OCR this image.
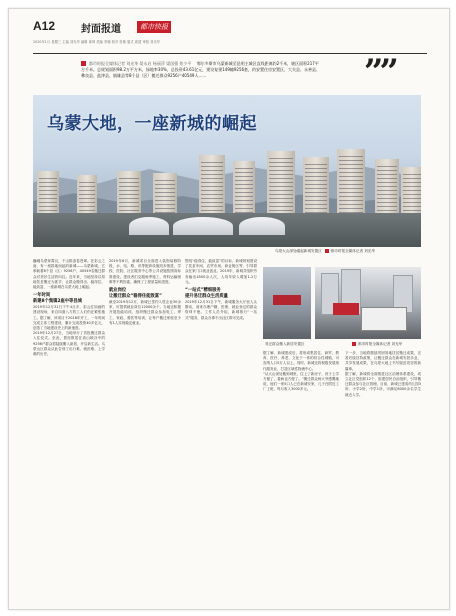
A12	封面报道	都市快报
2020年1月 星期三 主编 刘光华 编辑 姜琦 美编 李娜 校对 张敏 版式 周建 审校 刘光华
都市时报全媒体记者 刘光华 晏永启 杨丽萍 梁国强 焦少平 鄂尔多斯市乌蒙新城至昆明主城区直线距离约2千米，辖区面积217平方千米。总规划面积98.2万平方米，绿地率30%，总投资43.61亿元，建设复建149幢9256套，约安置住房安置区，大关县、永善县、彝良县、盐津县、镇雄县等8个县（区）搬迁群众9256户40549人……	””
乌蒙大地，一座新城的崛起
乌蒙大山深处崛起新城安置区	都市时报全媒体记者 刘光华
巍峨乌蒙耸霄汉，千山排浪卷苍翠。在彩云之南，有一座拔地而起的新城——乌蒙新城，它承载着8个县（区）9256户、40549名搬迁群众对美好生活的向往。近年来，当地坚持以易地扶贫搬迁为抓手，让群众搬得出、稳得住、能致富，一座新城在乌蒙大地上崛起。
一年时间
新建8个集镇2座中等县城
2019年12月31日下午4点多，彩云红如画的建设现场，来自四面八方的工人们仍在紧张施工。据了解，该项目于2018年开工，一年时间完成主体工程建设，累计完成投资40多亿元，创造了当地建设史上的新速度。
2019年12月27日，当地举行了首批搬迁群众入住仪式。至此，曾经散居在高山峡谷中的9256户群众将陆续搬入新居，开启新生活。乌蒙山区群众从此告别了出行难、就医难、上学难的历史。
2019年6月，新城项目全面进入装饰装修阶段，水、电、路、讯等配套设施同步推进，学校、医院、社区服务中心等公共设施按照高标准建设。建设者们克服雨季施工、材料运输困难等不利因素，确保了工程质量和进度。
就业岗位
让搬迁群众“稳得住能致富”
截至2019年12月，新城已签约入驻企业30余家，可提供就业岗位12000余个。当地还积极开展技能培训，组织搬迁群众参加电工、焊工、家政、餐饮等培训，让每户搬迁家庭至少有1人实现稳定就业。
围绕“稳得住、能致富”的目标，新城规划建设了扶贫车间、农贸市场、商业街区等，引导群众在家门口就业创业。2019年，新城共组织劳务输出4500余人次，人均年收入增加1.2万元。
“一站式”精细服务
提升易迁群众生活质量
2019年12月31日下午，新城服务大厅里人头攒动，前来办理户籍、医保、就业登记的群众络绎不绝。工作人员介绍，新城推行“一站式”服务，群众办事不出社区即可完成。
易迁群众搬入新居安置区	都市时报全媒体记者 刘光华
据了解，新城建成后，将形成集居住、商贸、教育、医疗、养老、文化于一体的综合性城镇，可容纳人口5万人以上。同时，新城还将积极发展现代服务业，打造区域性物流中心。
“从大山深处搬到城里，住上了新房子，孩子上学方便了，看病也方便了。”搬迁群众杨大爷感慨地说，他们一家5口人已在新城安家，儿子在附近工厂上班，每月收入3000多元。
下一步，当地将继续巩固易地扶贫搬迁成果，完善后续扶持政策，让搬迁群众在新城安居乐业，共享发展成果，在乌蒙大地上书写脱贫攻坚的新篇章。
据了解，新城将全面推进社区治理体系建设，成立社区党组织12个，组建居民自治组织，引导搬迁群众参与社区管理。目前，新城已建成幼儿园3所、小学2所、中学1所，可满足8000余名学生就近入学。
